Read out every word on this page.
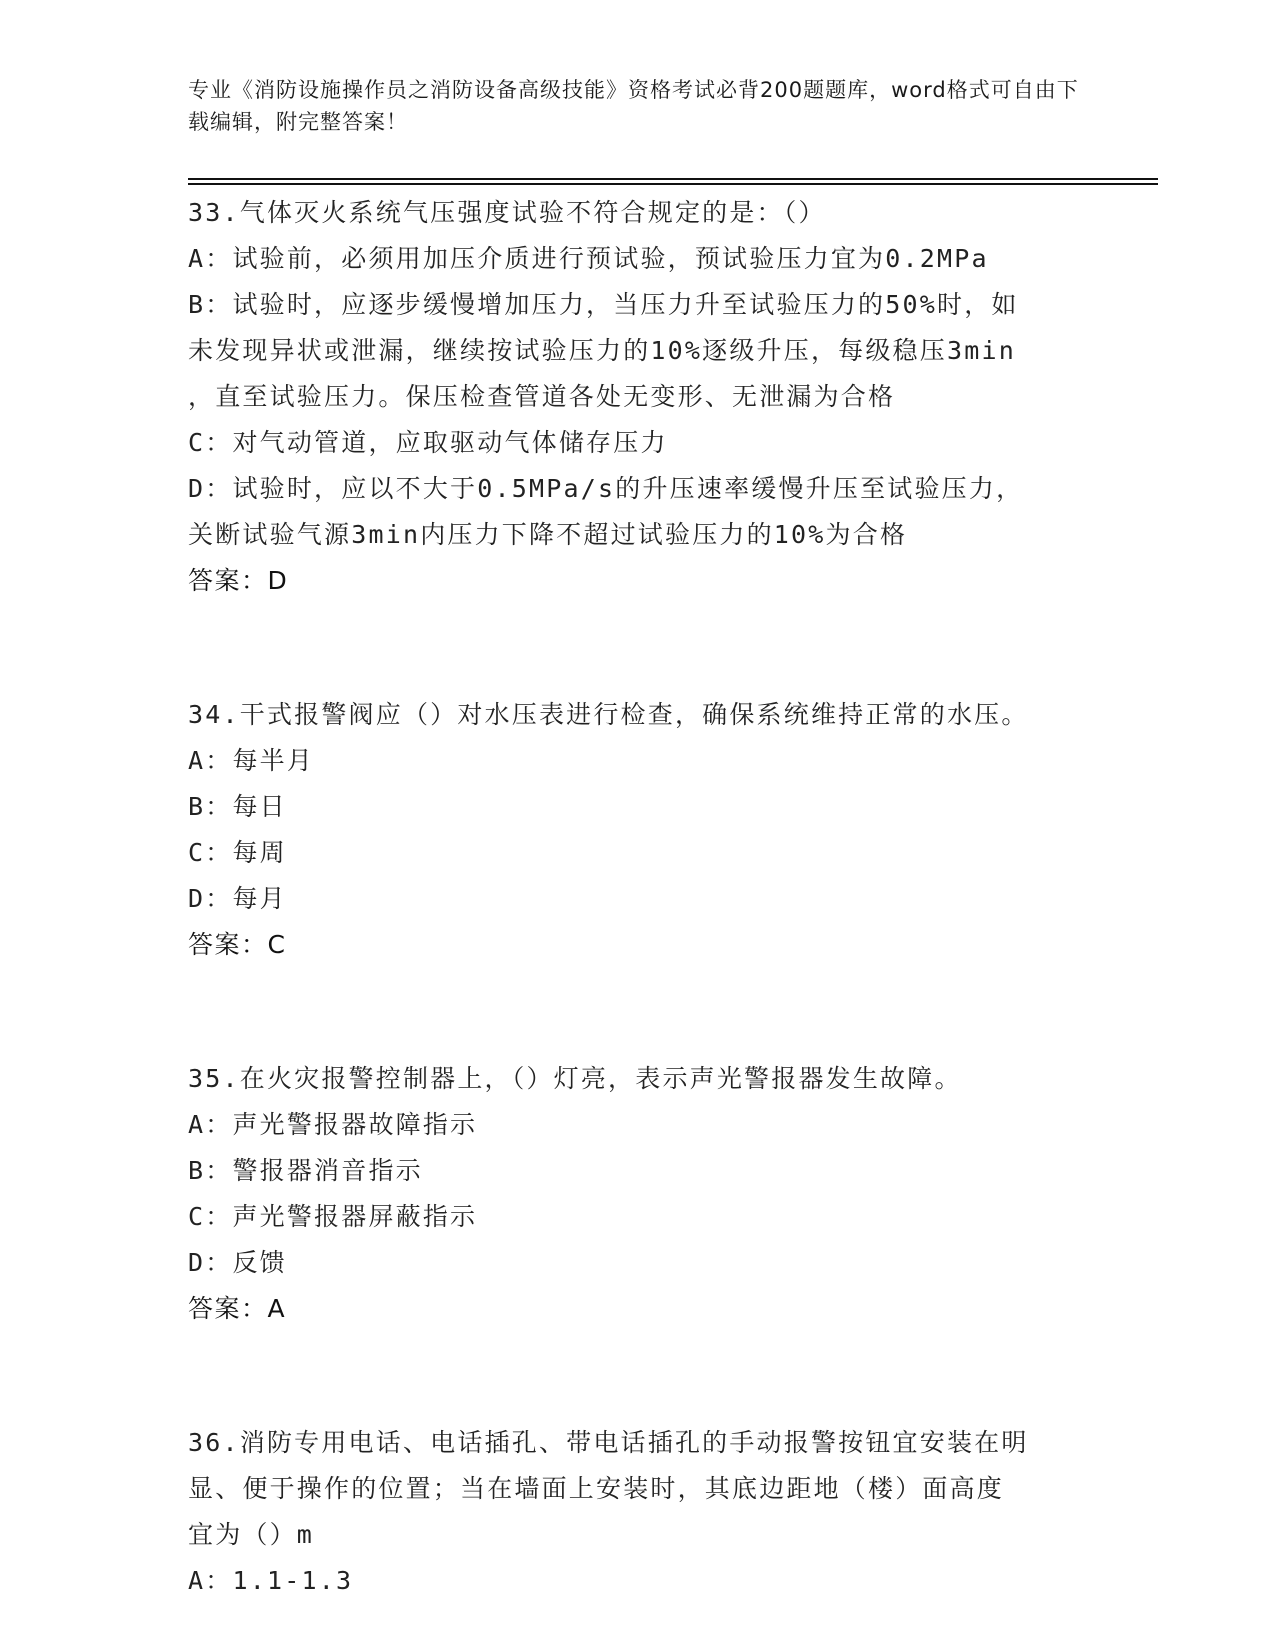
专业《消防设施操作员之消防设备高级技能》资格考试必背200题题库，word格式可自由下载编辑，附完整答案！
33.气体灭火系统气压强度试验不符合规定的是：（）
A：试验前，必须用加压介质进行预试验，预试验压力宜为0.2MPa
B：试验时，应逐步缓慢增加压力，当压力升至试验压力的50%时，如
未发现异状或泄漏，继续按试验压力的10%逐级升压，每级稳压3min
，直至试验压力。保压检查管道各处无变形、无泄漏为合格
C：对气动管道，应取驱动气体储存压力
D：试验时，应以不大于0.5MPa/s的升压速率缓慢升压至试验压力，
关断试验气源3min内压力下降不超过试验压力的10%为合格
答案：D
34.干式报警阀应（）对水压表进行检查，确保系统维持正常的水压。
A：每半月
B：每日
C：每周
D：每月
答案：C
35.在火灾报警控制器上，（）灯亮，表示声光警报器发生故障。
A：声光警报器故障指示
B：警报器消音指示
C：声光警报器屏蔽指示
D：反馈
答案：A
36.消防专用电话、电话插孔、带电话插孔的手动报警按钮宜安装在明
显、便于操作的位置；当在墙面上安装时，其底边距地（楼）面高度
宜为（）m
A：1.1-1.3
